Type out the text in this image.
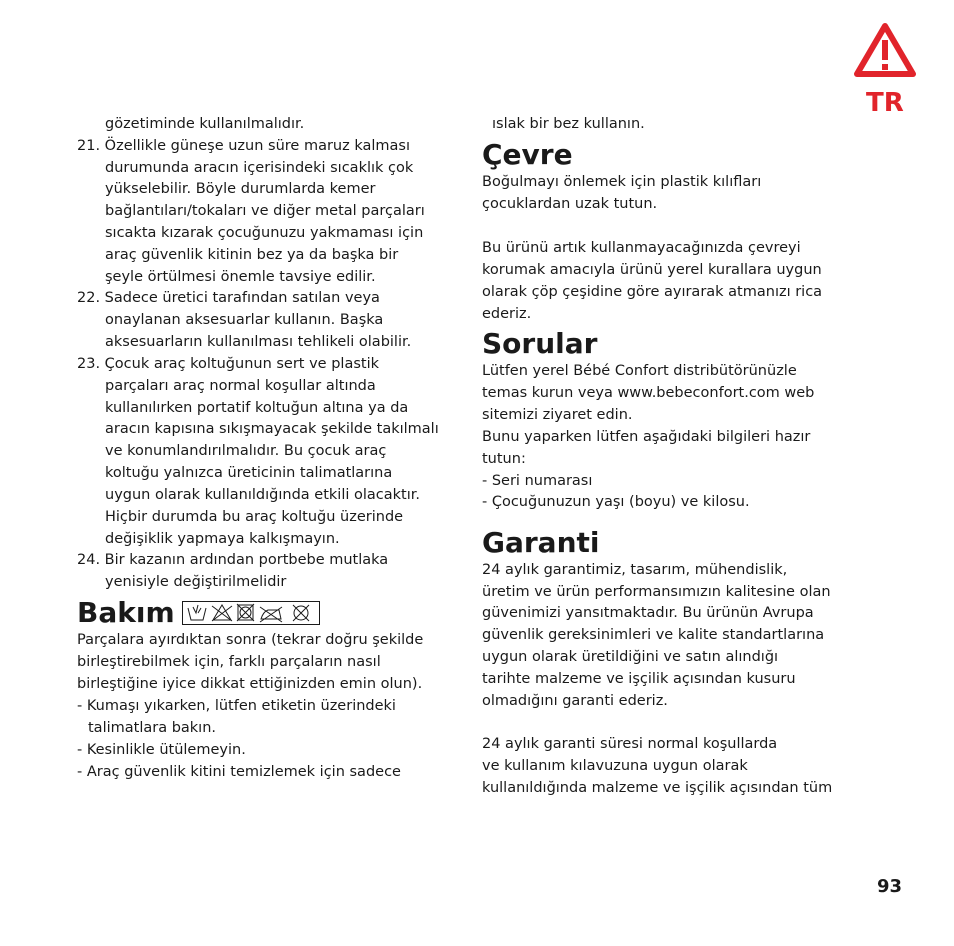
TR
gözetiminde kullanılmalıdır.
21. Özellikle güneşe uzun süre maruz kalması
durumunda aracın içerisindeki sıcaklık çok
yükselebilir. Böyle durumlarda kemer
bağlantıları/tokaları ve diğer metal parçaları
sıcakta kızarak çocuğunuzu yakmaması için
araç güvenlik kitinin bez ya da başka bir
şeyle örtülmesi önemle tavsiye edilir.
22. Sadece üretici tarafından satılan veya
onaylanan aksesuarlar kullanın. Başka
aksesuarların kullanılması tehlikeli olabilir.
23. Çocuk araç koltuğunun sert ve plastik
parçaları araç normal koşullar altında
kullanılırken portatif koltuğun altına ya da
aracın kapısına sıkışmayacak şekilde takılmalı
ve konumlandırılmalıdır. Bu çocuk araç
koltuğu yalnızca üreticinin talimatlarına
uygun olarak kullanıldığında etkili olacaktır.
Hiçbir durumda bu araç koltuğu üzerinde
değişiklik yapmaya kalkışmayın.
24. Bir kazanın ardından portbebe mutlaka
yenisiyle değiştirilmelidir
Bakım
Parçalara ayırdıktan sonra (tekrar doğru şekilde
birleştirebilmek için, farklı parçaların nasıl
birleştiğine iyice dikkat ettiğinizden emin olun).
- Kumaşı yıkarken, lütfen etiketin üzerindeki
talimatlara bakın.
- Kesinlikle ütülemeyin.
- Araç güvenlik kitini temizlemek için sadece
ıslak bir bez kullanın.
Çevre
Boğulmayı önlemek için plastik kılıfları
çocuklardan uzak tutun.
Bu ürünü artık kullanmayacağınızda çevreyi
korumak amacıyla ürünü yerel kurallara uygun
olarak çöp çeşidine göre ayırarak atmanızı rica
ederiz.
Sorular
Lütfen yerel Bébé Confort distribütörünüzle
temas kurun veya www.bebeconfort.com web
sitemizi ziyaret edin.
Bunu yaparken lütfen aşağıdaki bilgileri hazır
tutun:
- Seri numarası
- Çocuğunuzun yaşı (boyu) ve kilosu.
Garanti
24 aylık garantimiz, tasarım, mühendislik,
üretim ve ürün performansımızın kalitesine olan
güvenimizi yansıtmaktadır. Bu ürünün Avrupa
güvenlik gereksinimleri ve kalite standartlarına
uygun olarak üretildiğini ve satın alındığı
tarihte malzeme ve işçilik açısından kusuru
olmadığını garanti ederiz.
24 aylık garanti süresi normal koşullarda
ve kullanım kılavuzuna uygun olarak
kullanıldığında malzeme ve işçilik açısından tüm
93
